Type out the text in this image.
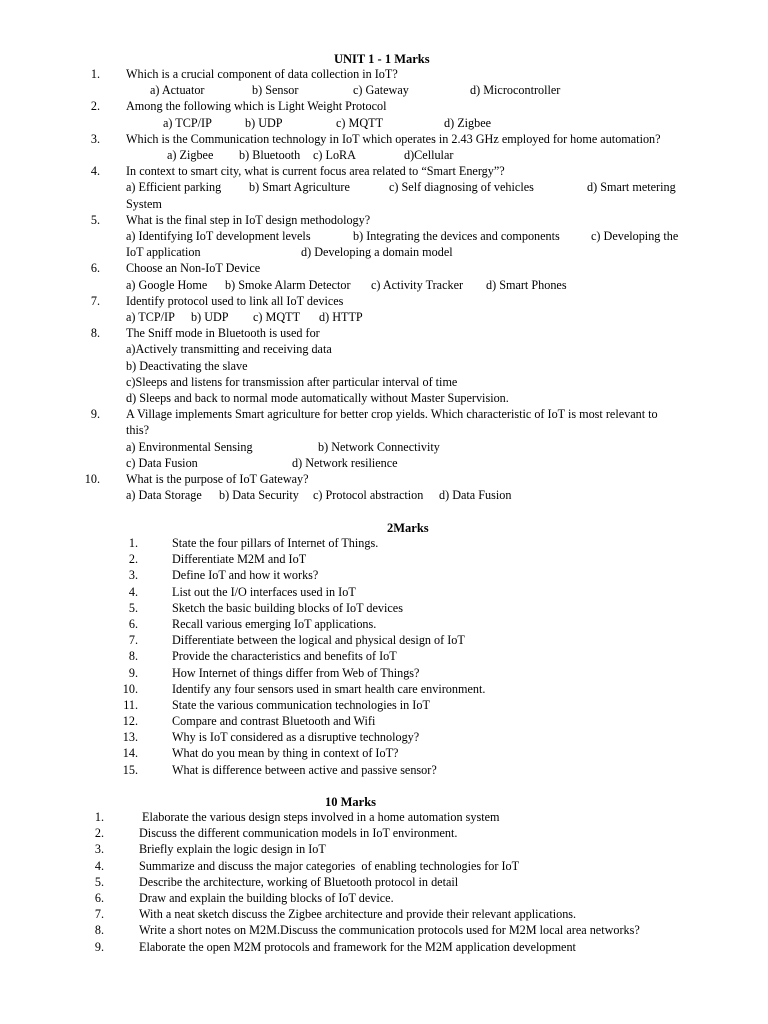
UNIT 1 - 1 Marks
1. Which is a crucial component of data collection in IoT?
a) Actuator	b) Sensor	c) Gateway	d) Microcontroller
2. Among the following which is Light Weight Protocol
a) TCP/IP	b) UDP	c) MQTT	d) Zigbee
3. Which is the Communication technology in IoT which operates in 2.43 GHz employed for home automation?
a) Zigbee b) Bluetooth c) LoRA	d)Cellular
4. In context to smart city, what is current focus area related to “Smart Energy”?
a) Efficient parking b) Smart Agriculture	c) Self diagnosing of vehicles	d) Smart metering
System
5. What is the final step in IoT design methodology?
a) Identifying IoT development levels	b) Integrating the devices and components	c) Developing the
IoT application	d) Developing a domain model
6. Choose an Non-IoT Device
a) Google Home b) Smoke Alarm Detector c) Activity Tracker d) Smart Phones
7. Identify protocol used to link all IoT devices
a) TCP/IP b) UDP c) MQTT d) HTTP
8. The Sniff mode in Bluetooth is used for
a)Actively transmitting and receiving data
b) Deactivating the slave
c)Sleeps and listens for transmission after particular interval of time
d) Sleeps and back to normal mode automatically without Master Supervision.
9. A Village implements Smart agriculture for better crop yields. Which characteristic of IoT is most relevant to
this?
a) Environmental Sensing	b) Network Connectivity
c) Data Fusion	d) Network resilience
10. What is the purpose of IoT Gateway?
a) Data Storage b) Data Security c) Protocol abstraction d) Data Fusion
2Marks
1.	State the four pillars of Internet of Things.
2.	Differentiate M2M and IoT
3.	Define IoT and how it works?
4.	List out the I/O interfaces used in IoT
5.	Sketch the basic building blocks of IoT devices
6.	Recall various emerging IoT applications.
7.	Differentiate between the logical and physical design of IoT
8.	Provide the characteristics and benefits of IoT
9.	How Internet of things differ from Web of Things?
10.	Identify any four sensors used in smart health care environment.
11.	State the various communication technologies in IoT
12.	Compare and contrast Bluetooth and Wifi
13.	Why is IoT considered as a disruptive technology?
14.	What do you mean by thing in context of IoT?
15.	What is difference between active and passive sensor?
10 Marks
1.	Elaborate the various design steps involved in a home automation system
2.	Discuss the different communication models in IoT environment.
3.	Briefly explain the logic design in IoT
4.	Summarize and discuss the major categories  of enabling technologies for IoT
5.	Describe the architecture, working of Bluetooth protocol in detail
6.	Draw and explain the building blocks of IoT device.
7.	With a neat sketch discuss the Zigbee architecture and provide their relevant applications.
8.	Write a short notes on M2M.Discuss the communication protocols used for M2M local area networks?
9.	Elaborate the open M2M protocols and framework for the M2M application development
